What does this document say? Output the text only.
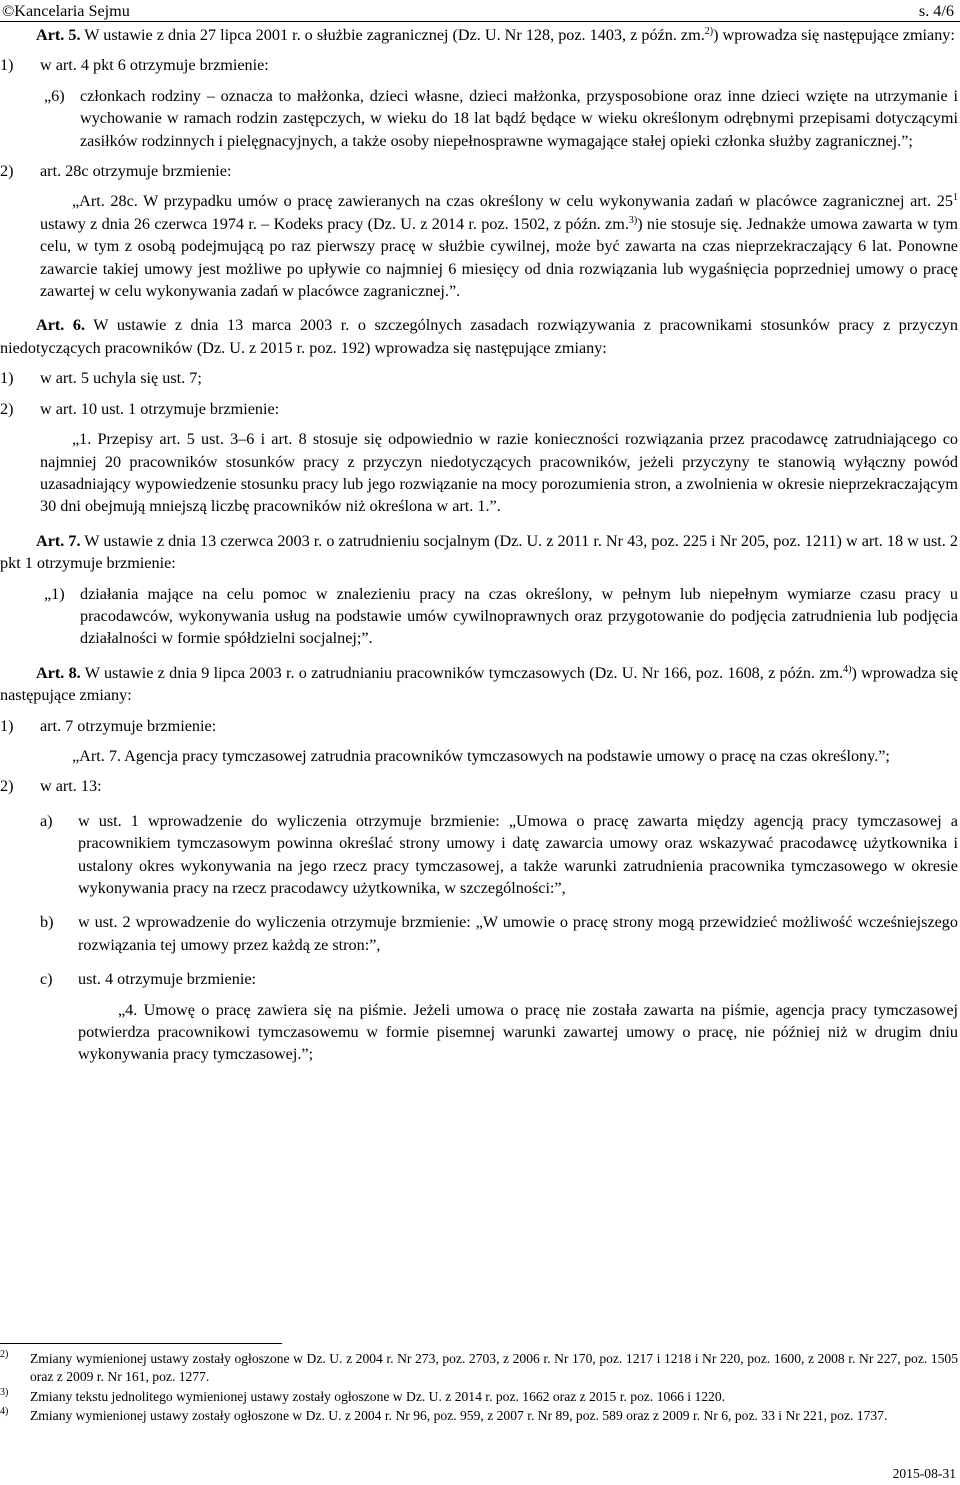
©Kancelaria Sejmu	s. 4/6

Art. 5. W ustawie z dnia 27 lipca 2001 r. o służbie zagranicznej (Dz. U. Nr 128, poz. 1403, z późn. zm.$^{2)}$) wprowadza się następujące zmiany:

1) w art. 4 pkt 6 otrzymuje brzmienie:

„6) członkach rodziny – oznacza to małżonka, dzieci własne, dzieci małżonka, przysposobione oraz inne dzieci wzięte na utrzymanie i wychowanie w ramach rodzin zastępczych, w wieku do 18 lat bądź będące w wieku określonym odrębnymi przepisami dotyczącymi zasiłków rodzinnych i pielęgnacyjnych, a także osoby niepełnosprawne wymagające stałej opieki członka służby zagranicznej.”;

2) art. 28c otrzymuje brzmienie:

„Art. 28c. W przypadku umów o pracę zawieranych na czas określony w celu wykonywania zadań w placówce zagranicznej art. $25^1$ ustawy z dnia 26 czerwca 1974 r. – Kodeks pracy (Dz. U. z 2014 r. poz. 1502, z późn. zm.$^{3)}$) nie stosuje się. Jednakże umowa zawarta w tym celu, w tym z osobą podejmującą po raz pierwszy pracę w służbie cywilnej, może być zawarta na czas nieprzekraczający 6 lat. Ponowne zawarcie takiej umowy jest możliwe po upływie co najmniej 6 miesięcy od dnia rozwiązania lub wygaśnięcia poprzedniej umowy o pracę zawartej w celu wykonywania zadań w placówce zagranicznej.”.

Art. 6. W ustawie z dnia 13 marca 2003 r. o szczególnych zasadach rozwiązywania z pracownikami stosunków pracy z przyczyn niedotyczących pracowników (Dz. U. z 2015 r. poz. 192) wprowadza się następujące zmiany:

1) w art. 5 uchyla się ust. 7;

2) w art. 10 ust. 1 otrzymuje brzmienie:

„1. Przepisy art. 5 ust. 3–6 i art. 8 stosuje się odpowiednio w razie konieczności rozwiązania przez pracodawcę zatrudniającego co najmniej 20 pracowników stosunków pracy z przyczyn niedotyczących pracowników, jeżeli przyczyny te stanowią wyłączny powód uzasadniający wypowiedzenie stosunku pracy lub jego rozwiązanie na mocy porozumienia stron, a zwolnienia w okresie nieprzekraczającym 30 dni obejmują mniejszą liczbę pracowników niż określona w art. 1.”.

Art. 7. W ustawie z dnia 13 czerwca 2003 r. o zatrudnieniu socjalnym (Dz. U. z 2011 r. Nr 43, poz. 225 i Nr 205, poz. 1211) w art. 18 w ust. 2 pkt 1 otrzymuje brzmienie:

„1) działania mające na celu pomoc w znalezieniu pracy na czas określony, w pełnym lub niepełnym wymiarze czasu pracy u pracodawców, wykonywania usług na podstawie umów cywilnoprawnych oraz przygotowanie do podjęcia zatrudnienia lub podjęcia działalności w formie spółdzielni socjalnej;”.

Art. 8. W ustawie z dnia 9 lipca 2003 r. o zatrudnianiu pracowników tymczasowych (Dz. U. Nr 166, poz. 1608, z późn. zm.$^{4)}$) wprowadza się następujące zmiany:

1) art. 7 otrzymuje brzmienie:

„Art. 7. Agencja pracy tymczasowej zatrudnia pracowników tymczasowych na podstawie umowy o pracę na czas określony.”;

2) w art. 13:

a) w ust. 1 wprowadzenie do wyliczenia otrzymuje brzmienie: „Umowa o pracę zawarta między agencją pracy tymczasowej a pracownikiem tymczasowym powinna określać strony umowy i datę zawarcia umowy oraz wskazywać pracodawcę użytkownika i ustalony okres wykonywania na jego rzecz pracy tymczasowej, a także warunki zatrudnienia pracownika tymczasowego w okresie wykonywania pracy na rzecz pracodawcy użytkownika, w szczególności:”,

b) w ust. 2 wprowadzenie do wyliczenia otrzymuje brzmienie: „W umowie o pracę strony mogą przewidzieć możliwość wcześniejszego rozwiązania tej umowy przez każdą ze stron:”,

c) ust. 4 otrzymuje brzmienie:

„4. Umowę o pracę zawiera się na piśmie. Jeżeli umowa o pracę nie została zawarta na piśmie, agencja pracy tymczasowej potwierdza pracownikowi tymczasowemu w formie pisemnej warunki zawartej umowy o pracę, nie później niż w drugim dniu wykonywania pracy tymczasowej.”;

2) Zmiany wymienionej ustawy zostały ogłoszone w Dz. U. z 2004 r. Nr 273, poz. 2703, z 2006 r. Nr 170, poz. 1217 i 1218 i Nr 220, poz. 1600, z 2008 r. Nr 227, poz. 1505 oraz z 2009 r. Nr 161, poz. 1277.
3) Zmiany tekstu jednolitego wymienionej ustawy zostały ogłoszone w Dz. U. z 2014 r. poz. 1662 oraz z 2015 r. poz. 1066 i 1220.
4) Zmiany wymienionej ustawy zostały ogłoszone w Dz. U. z 2004 r. Nr 96, poz. 959, z 2007 r. Nr 89, poz. 589 oraz z 2009 r. Nr 6, poz. 33 i Nr 221, poz. 1737.
2015-08-31
